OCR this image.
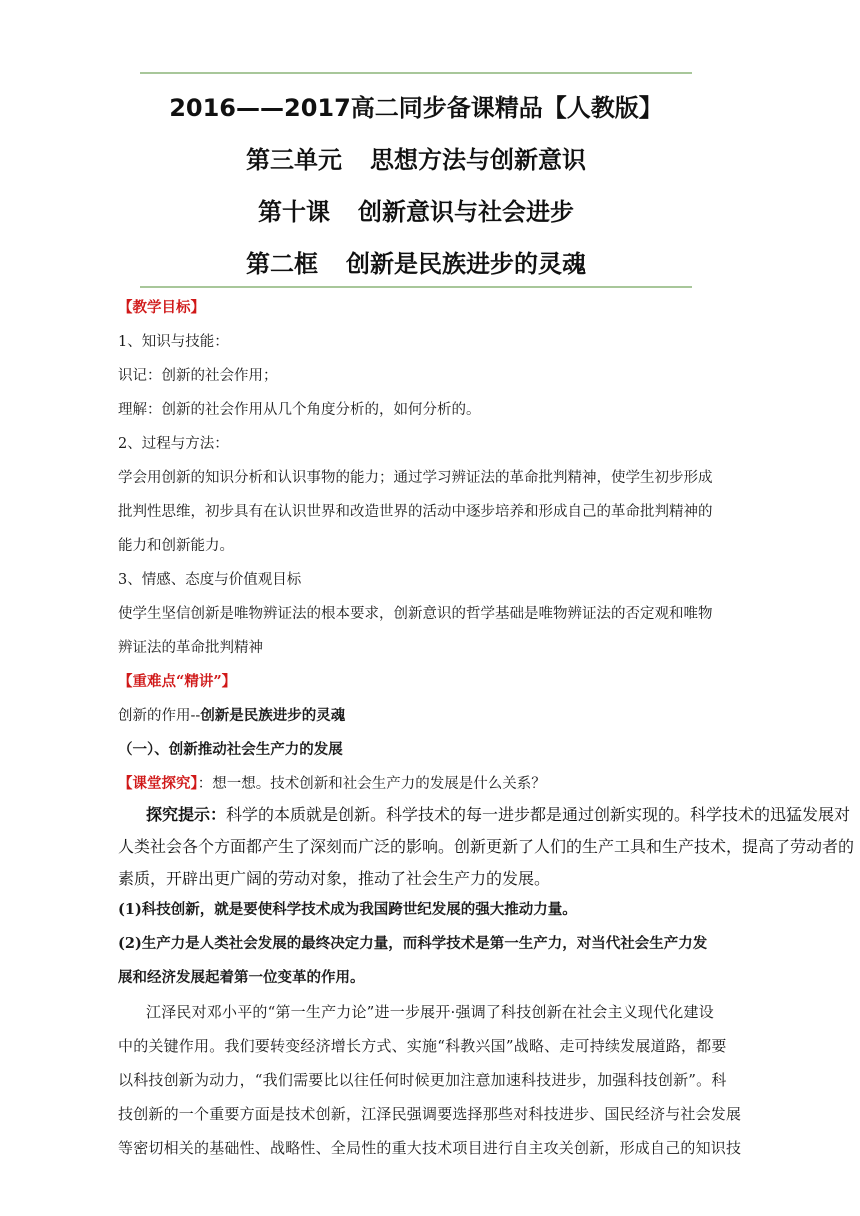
2016——2017高二同步备课精品【人教版】
第三单元 思想方法与创新意识
第十课 创新意识与社会进步
第二框 创新是民族进步的灵魂
【教学目标】
1、知识与技能：
识记：创新的社会作用；
理解：创新的社会作用从几个角度分析的，如何分析的。
2、过程与方法：
学会用创新的知识分析和认识事物的能力；通过学习辨证法的革命批判精神，使学生初步形成
批判性思维，初步具有在认识世界和改造世界的活动中逐步培养和形成自己的革命批判精神的
能力和创新能力。
3、情感、态度与价值观目标
使学生坚信创新是唯物辨证法的根本要求，创新意识的哲学基础是唯物辨证法的否定观和唯物
辨证法的革命批判精神
【重难点“精讲”】
创新的作用--创新是民族进步的灵魂
（一）、创新推动社会生产力的发展
【课堂探究】：想一想。技术创新和社会生产力的发展是什么关系？
探究提示：科学的本质就是创新。科学技术的每一进步都是通过创新实现的。科学技术的迅猛发展对
人类社会各个方面都产生了深刻而广泛的影响。创新更新了人们的生产工具和生产技术，提高了劳动者的
素质，开辟出更广阔的劳动对象，推动了社会生产力的发展。
(1)科技创新，就是要使科学技术成为我国跨世纪发展的强大推动力量。
(2)生产力是人类社会发展的最终决定力量，而科学技术是第一生产力，对当代社会生产力发
展和经济发展起着第一位变革的作用。
江泽民对邓小平的“第一生产力论”进一步展开·强调了科技创新在社会主义现代化建设
中的关键作用。我们要转变经济增长方式、实施“科教兴国”战略、走可持续发展道路，都要
以科技创新为动力，“我们需要比以往任何时候更加注意加速科技进步，加强科技创新”。科
技创新的一个重要方面是技术创新，江泽民强调要选择那些对科技进步、国民经济与社会发展
等密切相关的基础性、战略性、全局性的重大技术项目进行自主攻关创新，形成自己的知识技
